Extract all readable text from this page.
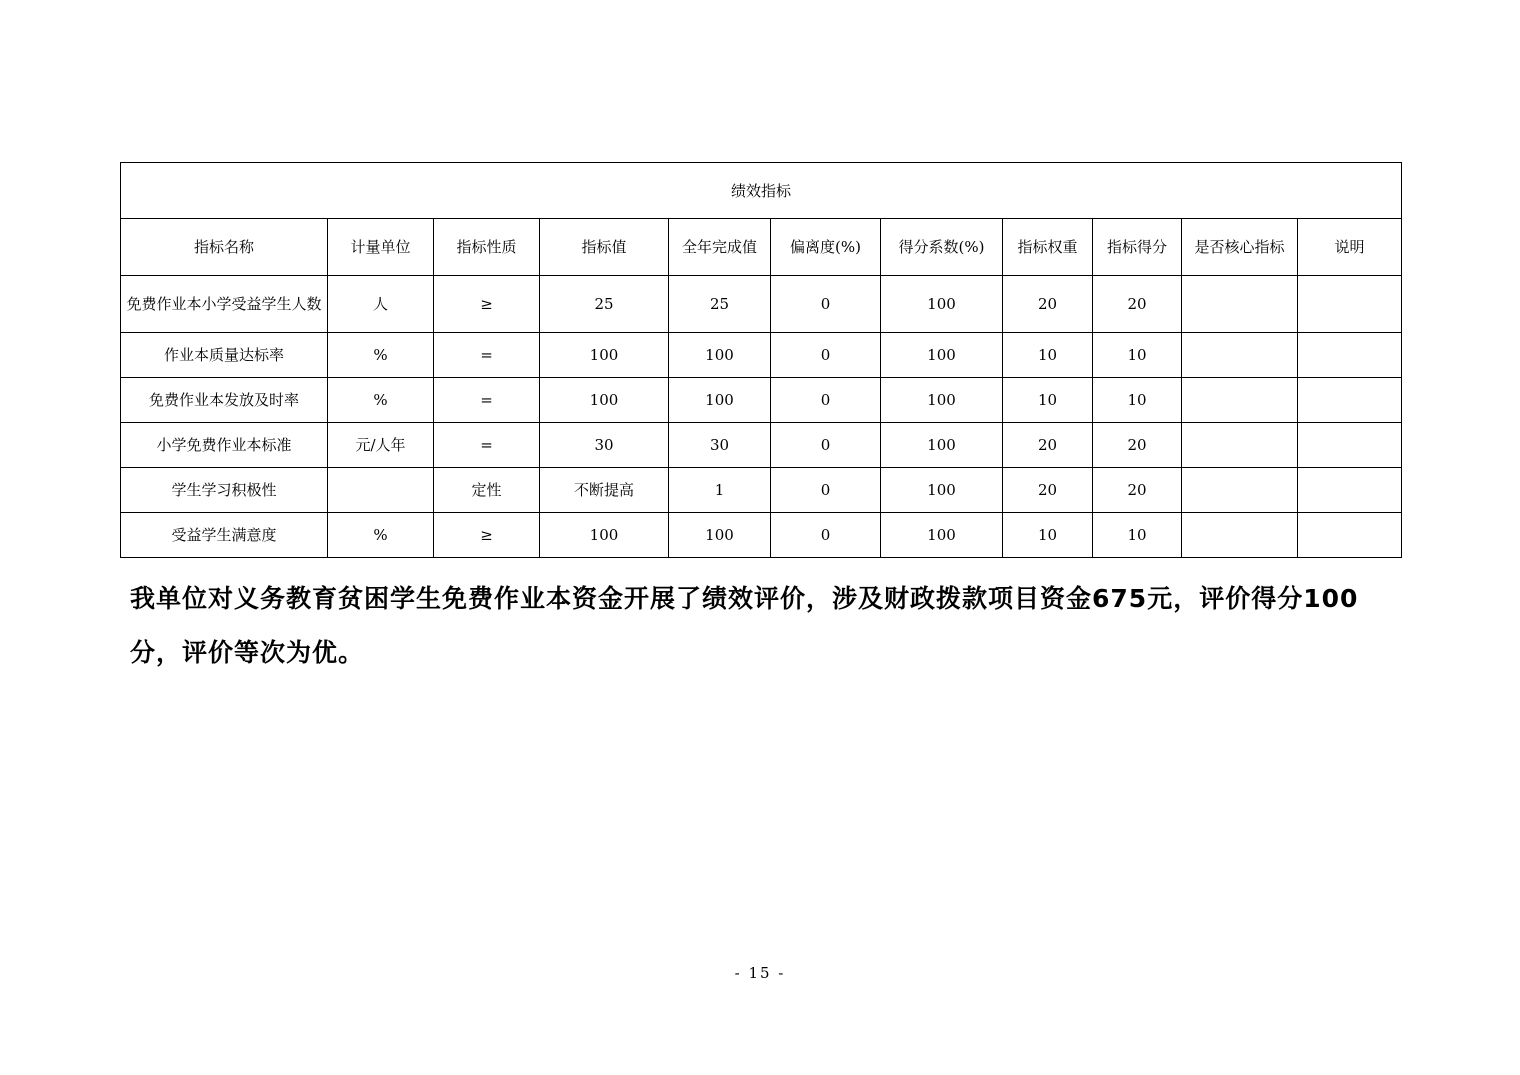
绩效指标										
指标名称	计量单位	指标性质	指标值	全年完成值	偏离度(%)	得分系数(%)	指标权重	指标得分	是否核心指标	说明
免费作业本小学受益学生人数	人	≥	25	25	0	100	20	20		
作业本质量达标率	%	=	100	100	0	100	10	10		
免费作业本发放及时率	%	=	100	100	0	100	10	10		
小学免费作业本标准	元/人年	=	30	30	0	100	20	20		
学生学习积极性		定性	不断提高	1	0	100	20	20		
受益学生满意度	%	≥	100	100	0	100	10	10		

我单位对义务教育贫困学生免费作业本资金开展了绩效评价，涉及财政拨款项目资金675元，评价得分100分，评价等次为优。

- 15 -
